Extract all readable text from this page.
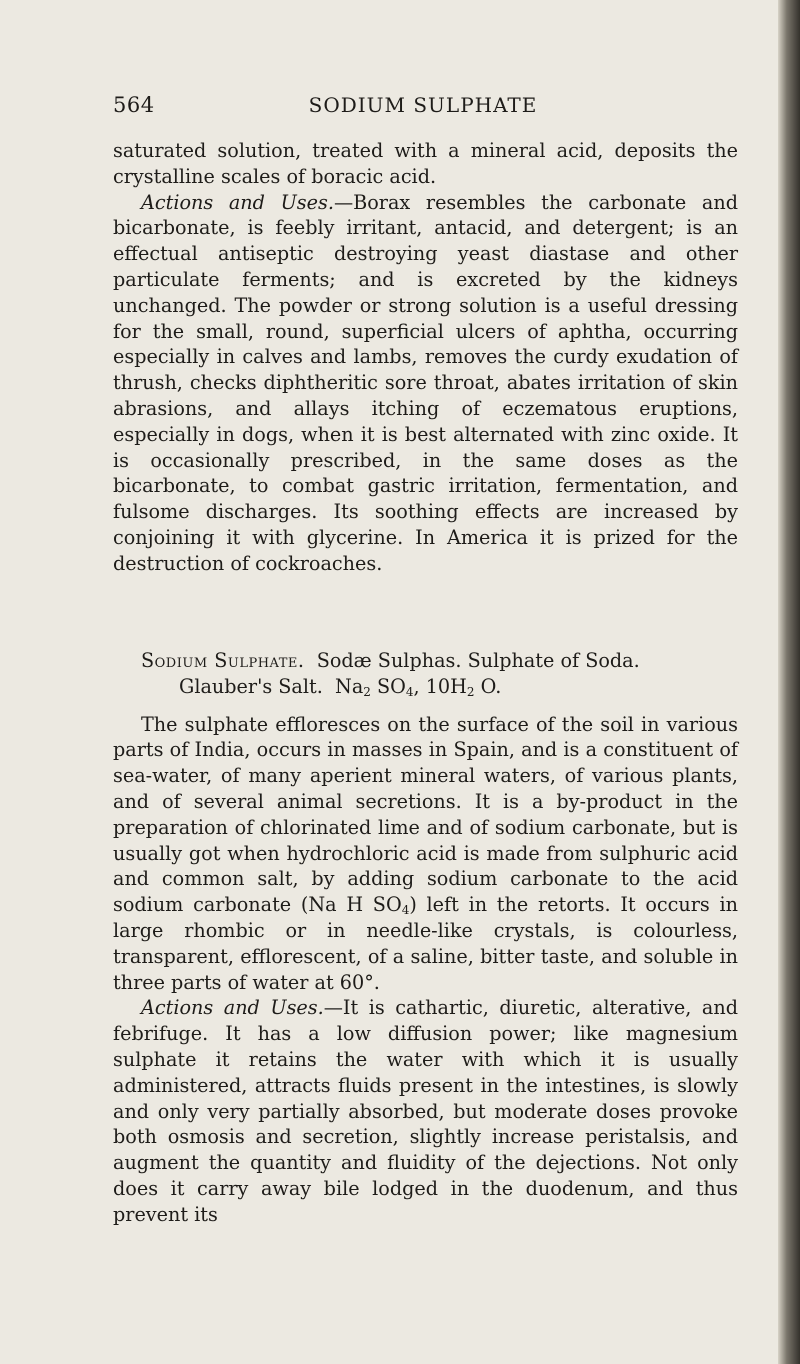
564	SODIUM SULPHATE

saturated solution, treated with a mineral acid, deposits the crystalline scales of boracic acid.

Actions and Uses.—Borax resembles the carbonate and bicarbonate, is feebly irritant, antacid, and detergent; is an effectual antiseptic destroying yeast diastase and other particulate ferments; and is excreted by the kidneys unchanged. The powder or strong solution is a useful dressing for the small, round, superficial ulcers of aphtha, occurring especially in calves and lambs, removes the curdy exudation of thrush, checks diphtheritic sore throat, abates irritation of skin abrasions, and allays itching of eczematous eruptions, especially in dogs, when it is best alternated with zinc oxide. It is occasionally prescribed, in the same doses as the bicarbonate, to combat gastric irritation, fermentation, and fulsome discharges. Its soothing effects are increased by conjoining it with glycerine. In America it is prized for the destruction of cockroaches.

Sodium Sulphate. Sodæ Sulphas. Sulphate of Soda.

Glauber's Salt. $Na_2$ $SO_4$, $10H_2$ O.

The sulphate effloresces on the surface of the soil in various parts of India, occurs in masses in Spain, and is a constituent of sea-water, of many aperient mineral waters, of various plants, and of several animal secretions. It is a by-product in the preparation of chlorinated lime and of sodium carbonate, but is usually got when hydrochloric acid is made from sulphuric acid and common salt, by adding sodium carbonate to the acid sodium carbonate (Na H $SO_4$) left in the retorts. It occurs in large rhombic or in needle-like crystals, is colourless, transparent, efflorescent, of a saline, bitter taste, and soluble in three parts of water at 60°.

Actions and Uses.—It is cathartic, diuretic, alterative, and febrifuge. It has a low diffusion power; like magnesium sulphate it retains the water with which it is usually administered, attracts fluids present in the intestines, is slowly and only very partially absorbed, but moderate doses provoke both osmosis and secretion, slightly increase peristalsis, and augment the quantity and fluidity of the dejections. Not only does it carry away bile lodged in the duodenum, and thus prevent its
